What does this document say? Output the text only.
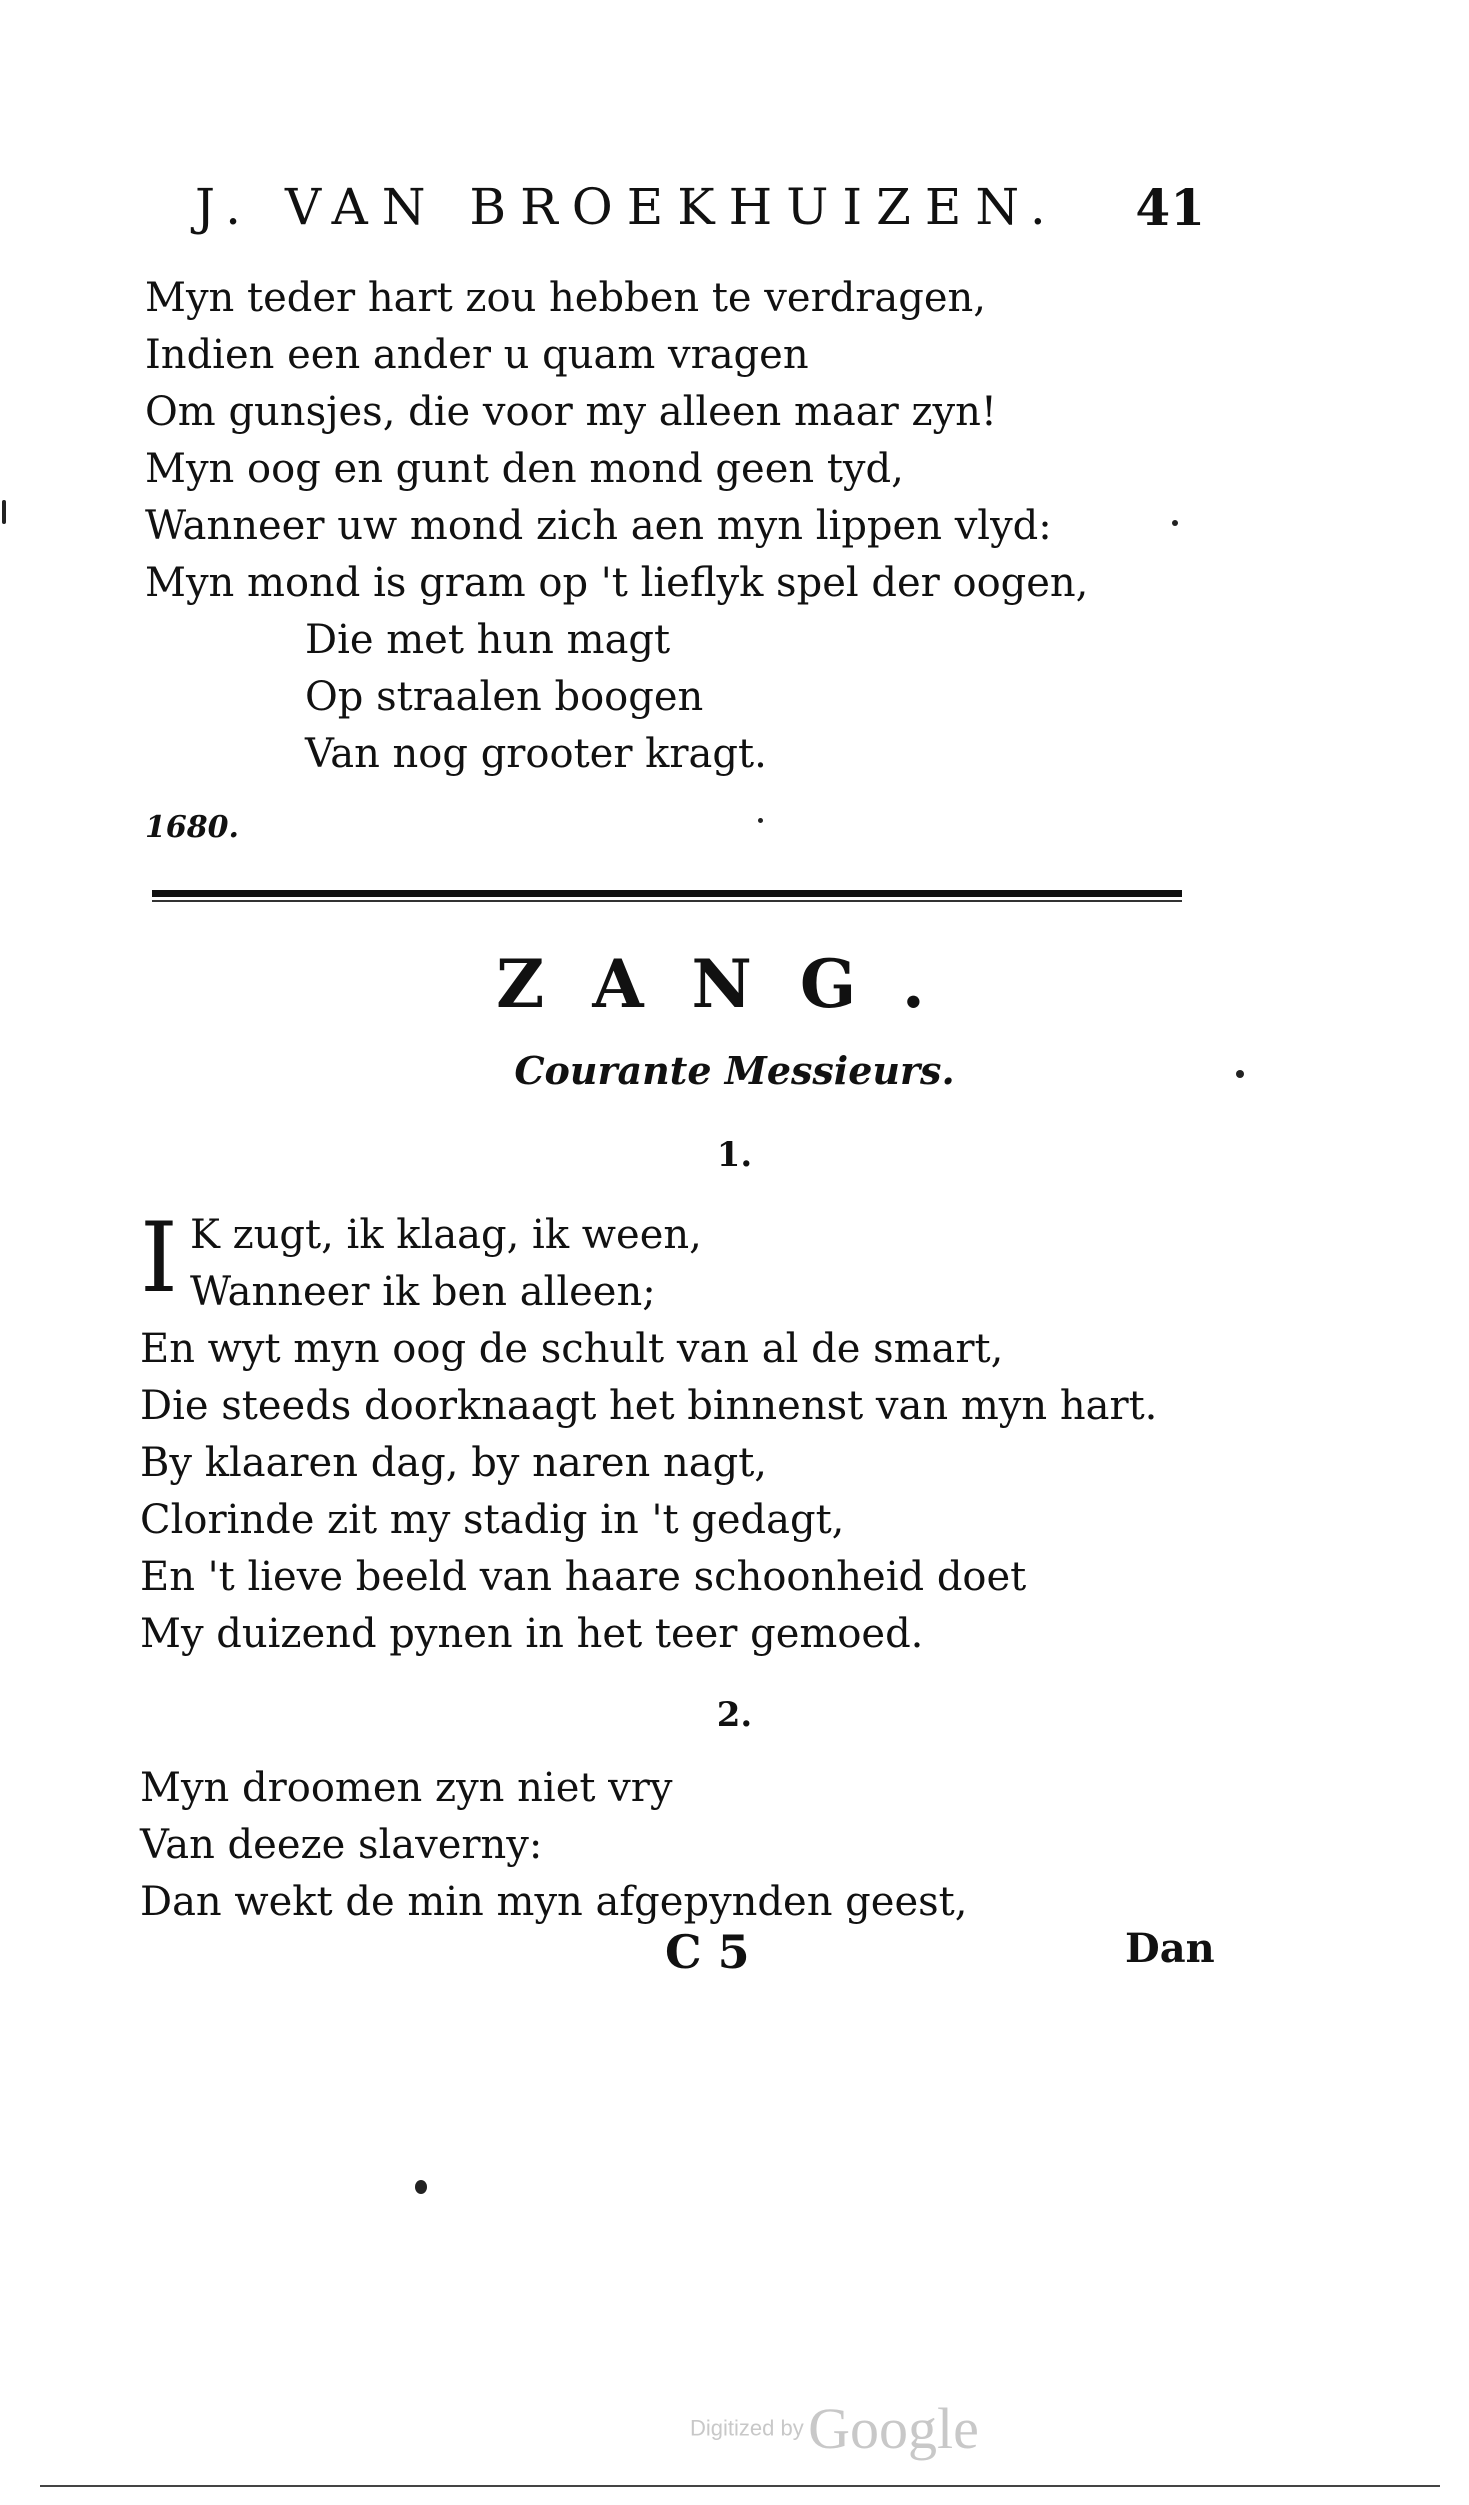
J. VAN BROEKHUIZEN. 41
Myn teder hart zou hebben te verdragen,
Indien een ander u quam vragen
Om gunsjes, die voor my alleen maar zyn!
Myn oog en gunt den mond geen tyd,
Wanneer uw mond zich aen myn lippen vlyd:
Myn mond is gram op 't lieflyk spel der oogen,
Die met hun magt
Op straalen boogen
Van nog grooter kragt.
1680.
ZANG.
Courante Messieurs.
1.
I K zugt, ik klaag, ik ween,
Wanneer ik ben alleen;
En wyt myn oog de schult van al de smart,
Die steeds doorknaagt het binnenst van myn hart.
By klaaren dag, by naren nagt,
Clorinde zit my stadig in 't gedagt,
En 't lieve beeld van haare schoonheid doet
My duizend pynen in het teer gemoed.
2.
Myn droomen zyn niet vry
Van deeze slaverny:
Dan wekt de min myn afgepynden geest,
C 5	Dan
Digitized by Google
